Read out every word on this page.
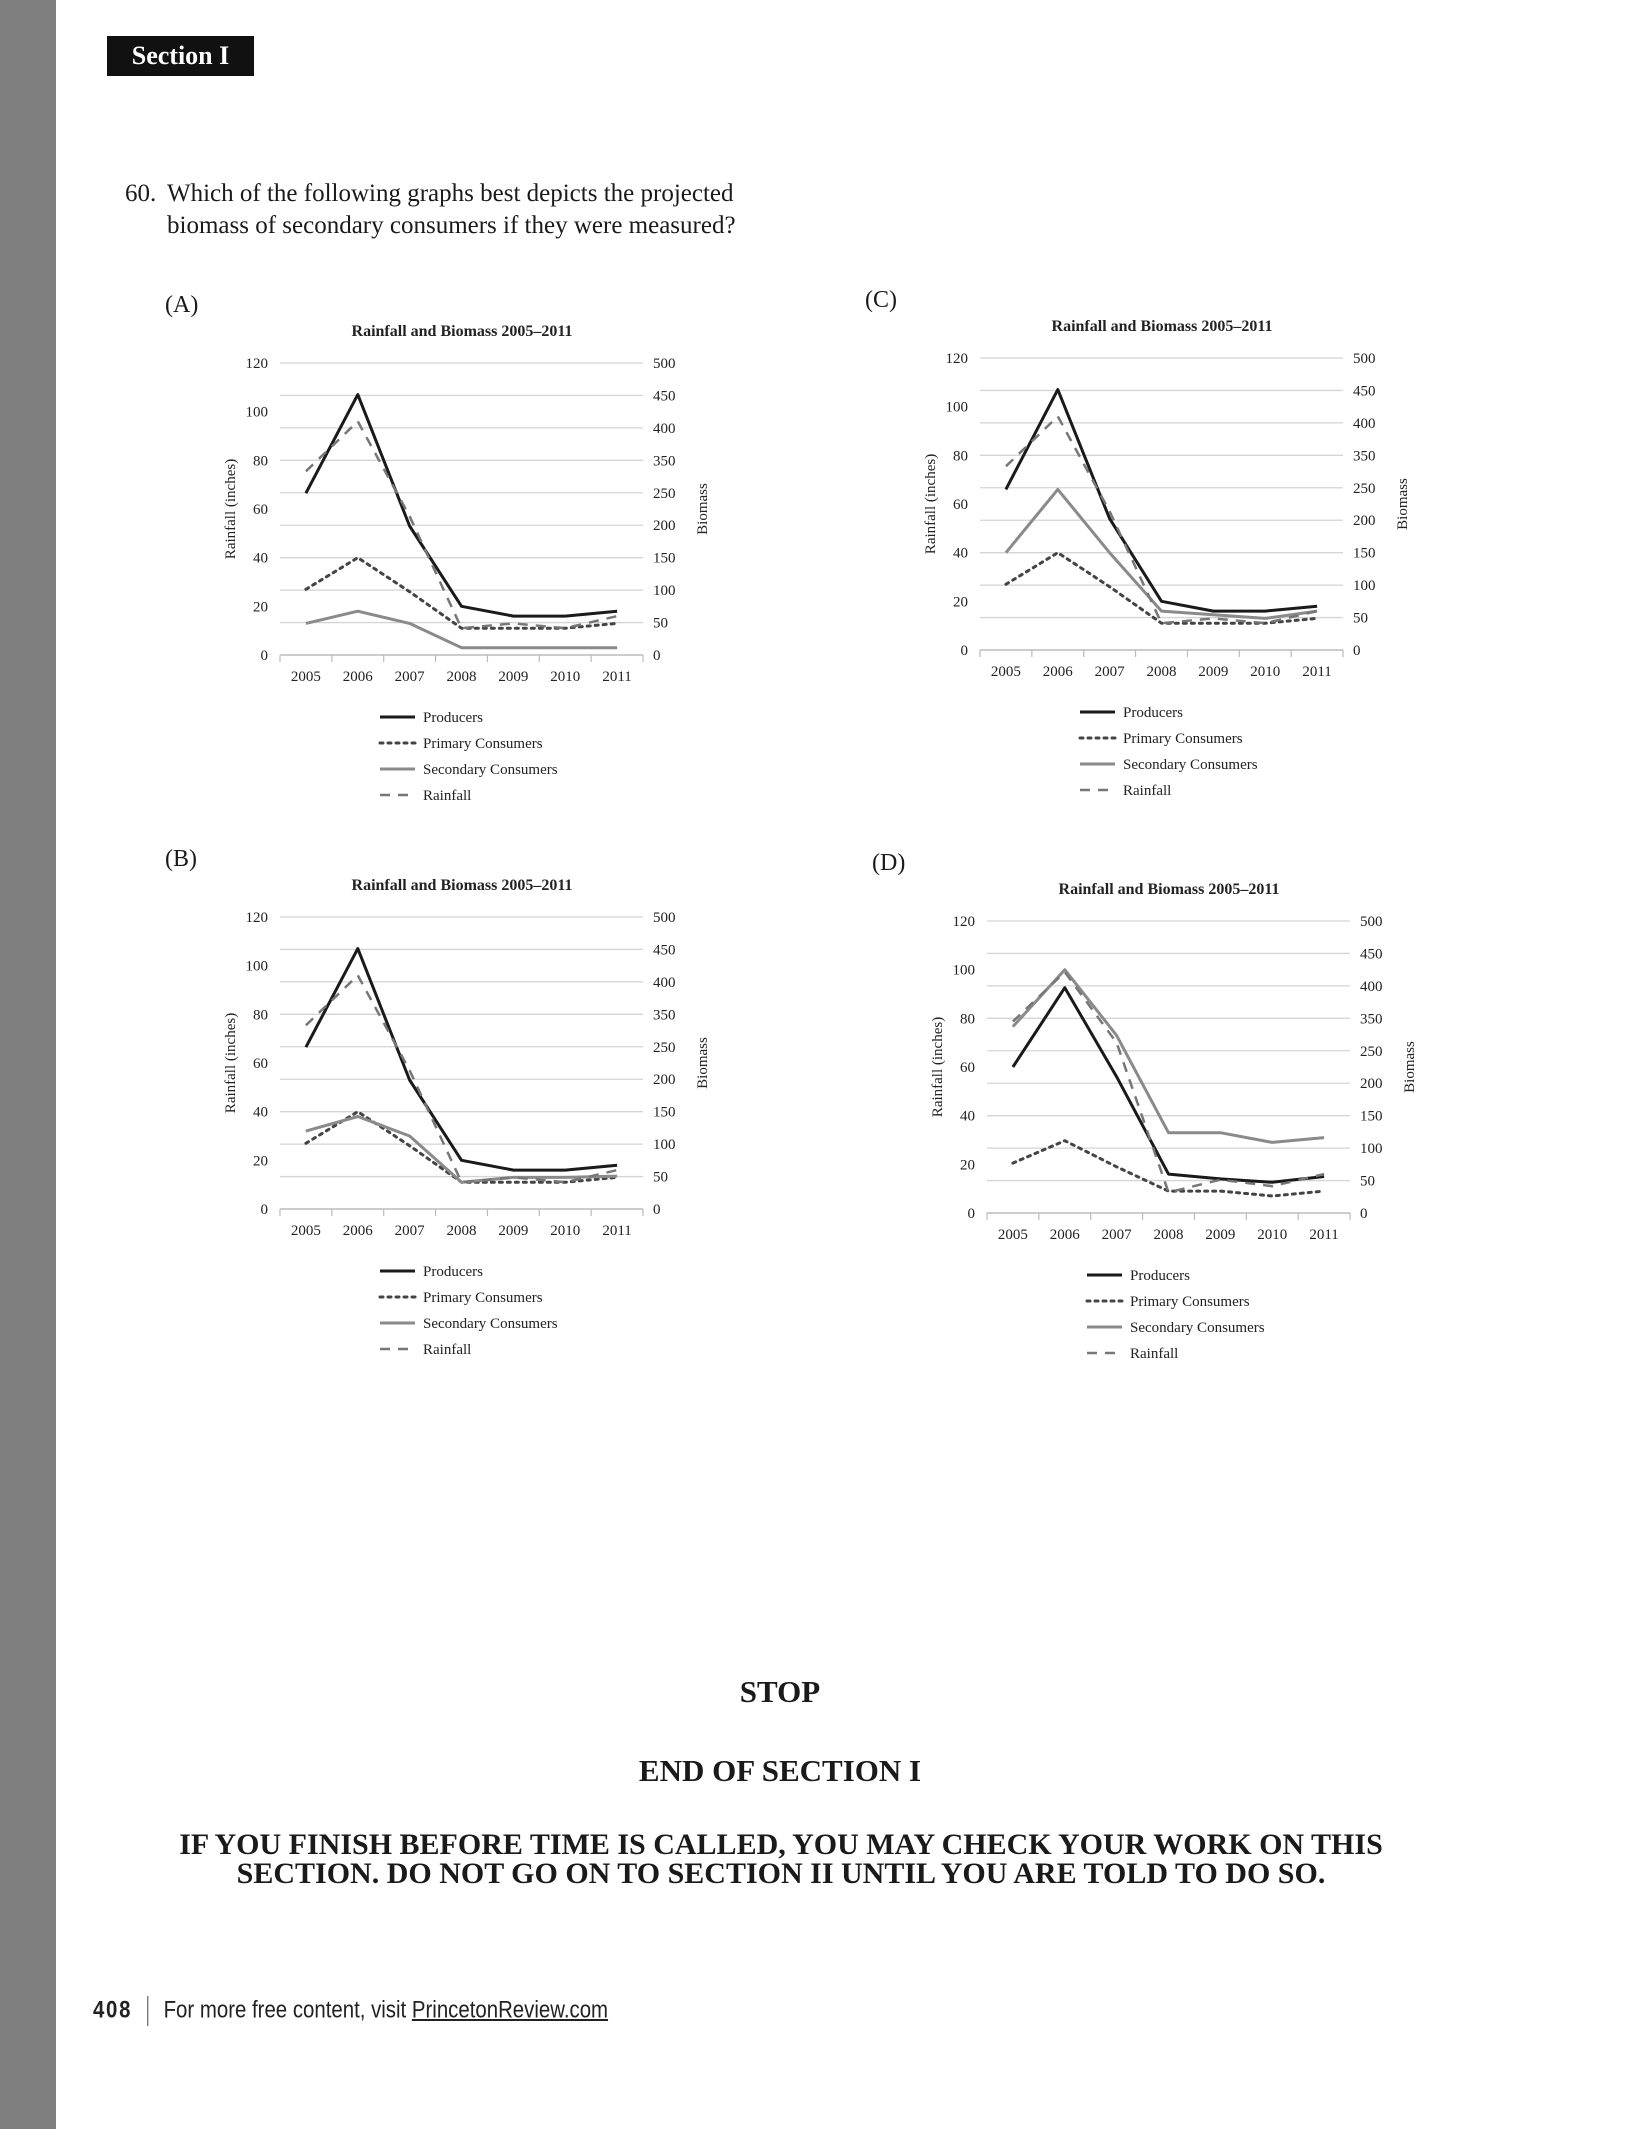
Section I
60. Which of the following graphs best depicts the projected
biomass of secondary consumers if they were measured?
(A)
Rainfall and Biomass 2005–2011
0
50
100
150
200
250
350
400
450
500
0
20
40
60
80
100
120
2005 2006 2007 2008 2009 2010 2011
Rainfall (inches)	Biomass
Producers
Primary Consumers
Secondary Consumers
Rainfall
(B)
Rainfall and Biomass 2005–2011
0
50
100
150
200
250
350
400
450
500
0
20
40
60
80
100
120
2005 2006 2007 2008 2009 2010 2011
Rainfall (inches)	Biomass
Producers
Primary Consumers
Secondary Consumers
Rainfall
(C)
Rainfall and Biomass 2005–2011
0
50
100
150
200
250
350
400
450
500
0
20
40
60
80
100
120
2005 2006 2007 2008 2009 2010 2011
Rainfall (inches)	Biomass
Producers
Primary Consumers
Secondary Consumers
Rainfall
(D)
Rainfall and Biomass 2005–2011
0
50
100
150
200
250
350
400
450
500
0
20
40
60
80
100
120
2005 2006 2007 2008 2009 2010 2011
Rainfall (inches)	Biomass
Producers
Primary Consumers
Secondary Consumers
Rainfall
STOP
END OF SECTION I
IF YOU FINISH BEFORE TIME IS CALLED, YOU MAY CHECK YOUR WORK ON THIS
SECTION. DO NOT GO ON TO SECTION II UNTIL YOU ARE TOLD TO DO SO.
408 For more free content, visit PrincetonReview.com
